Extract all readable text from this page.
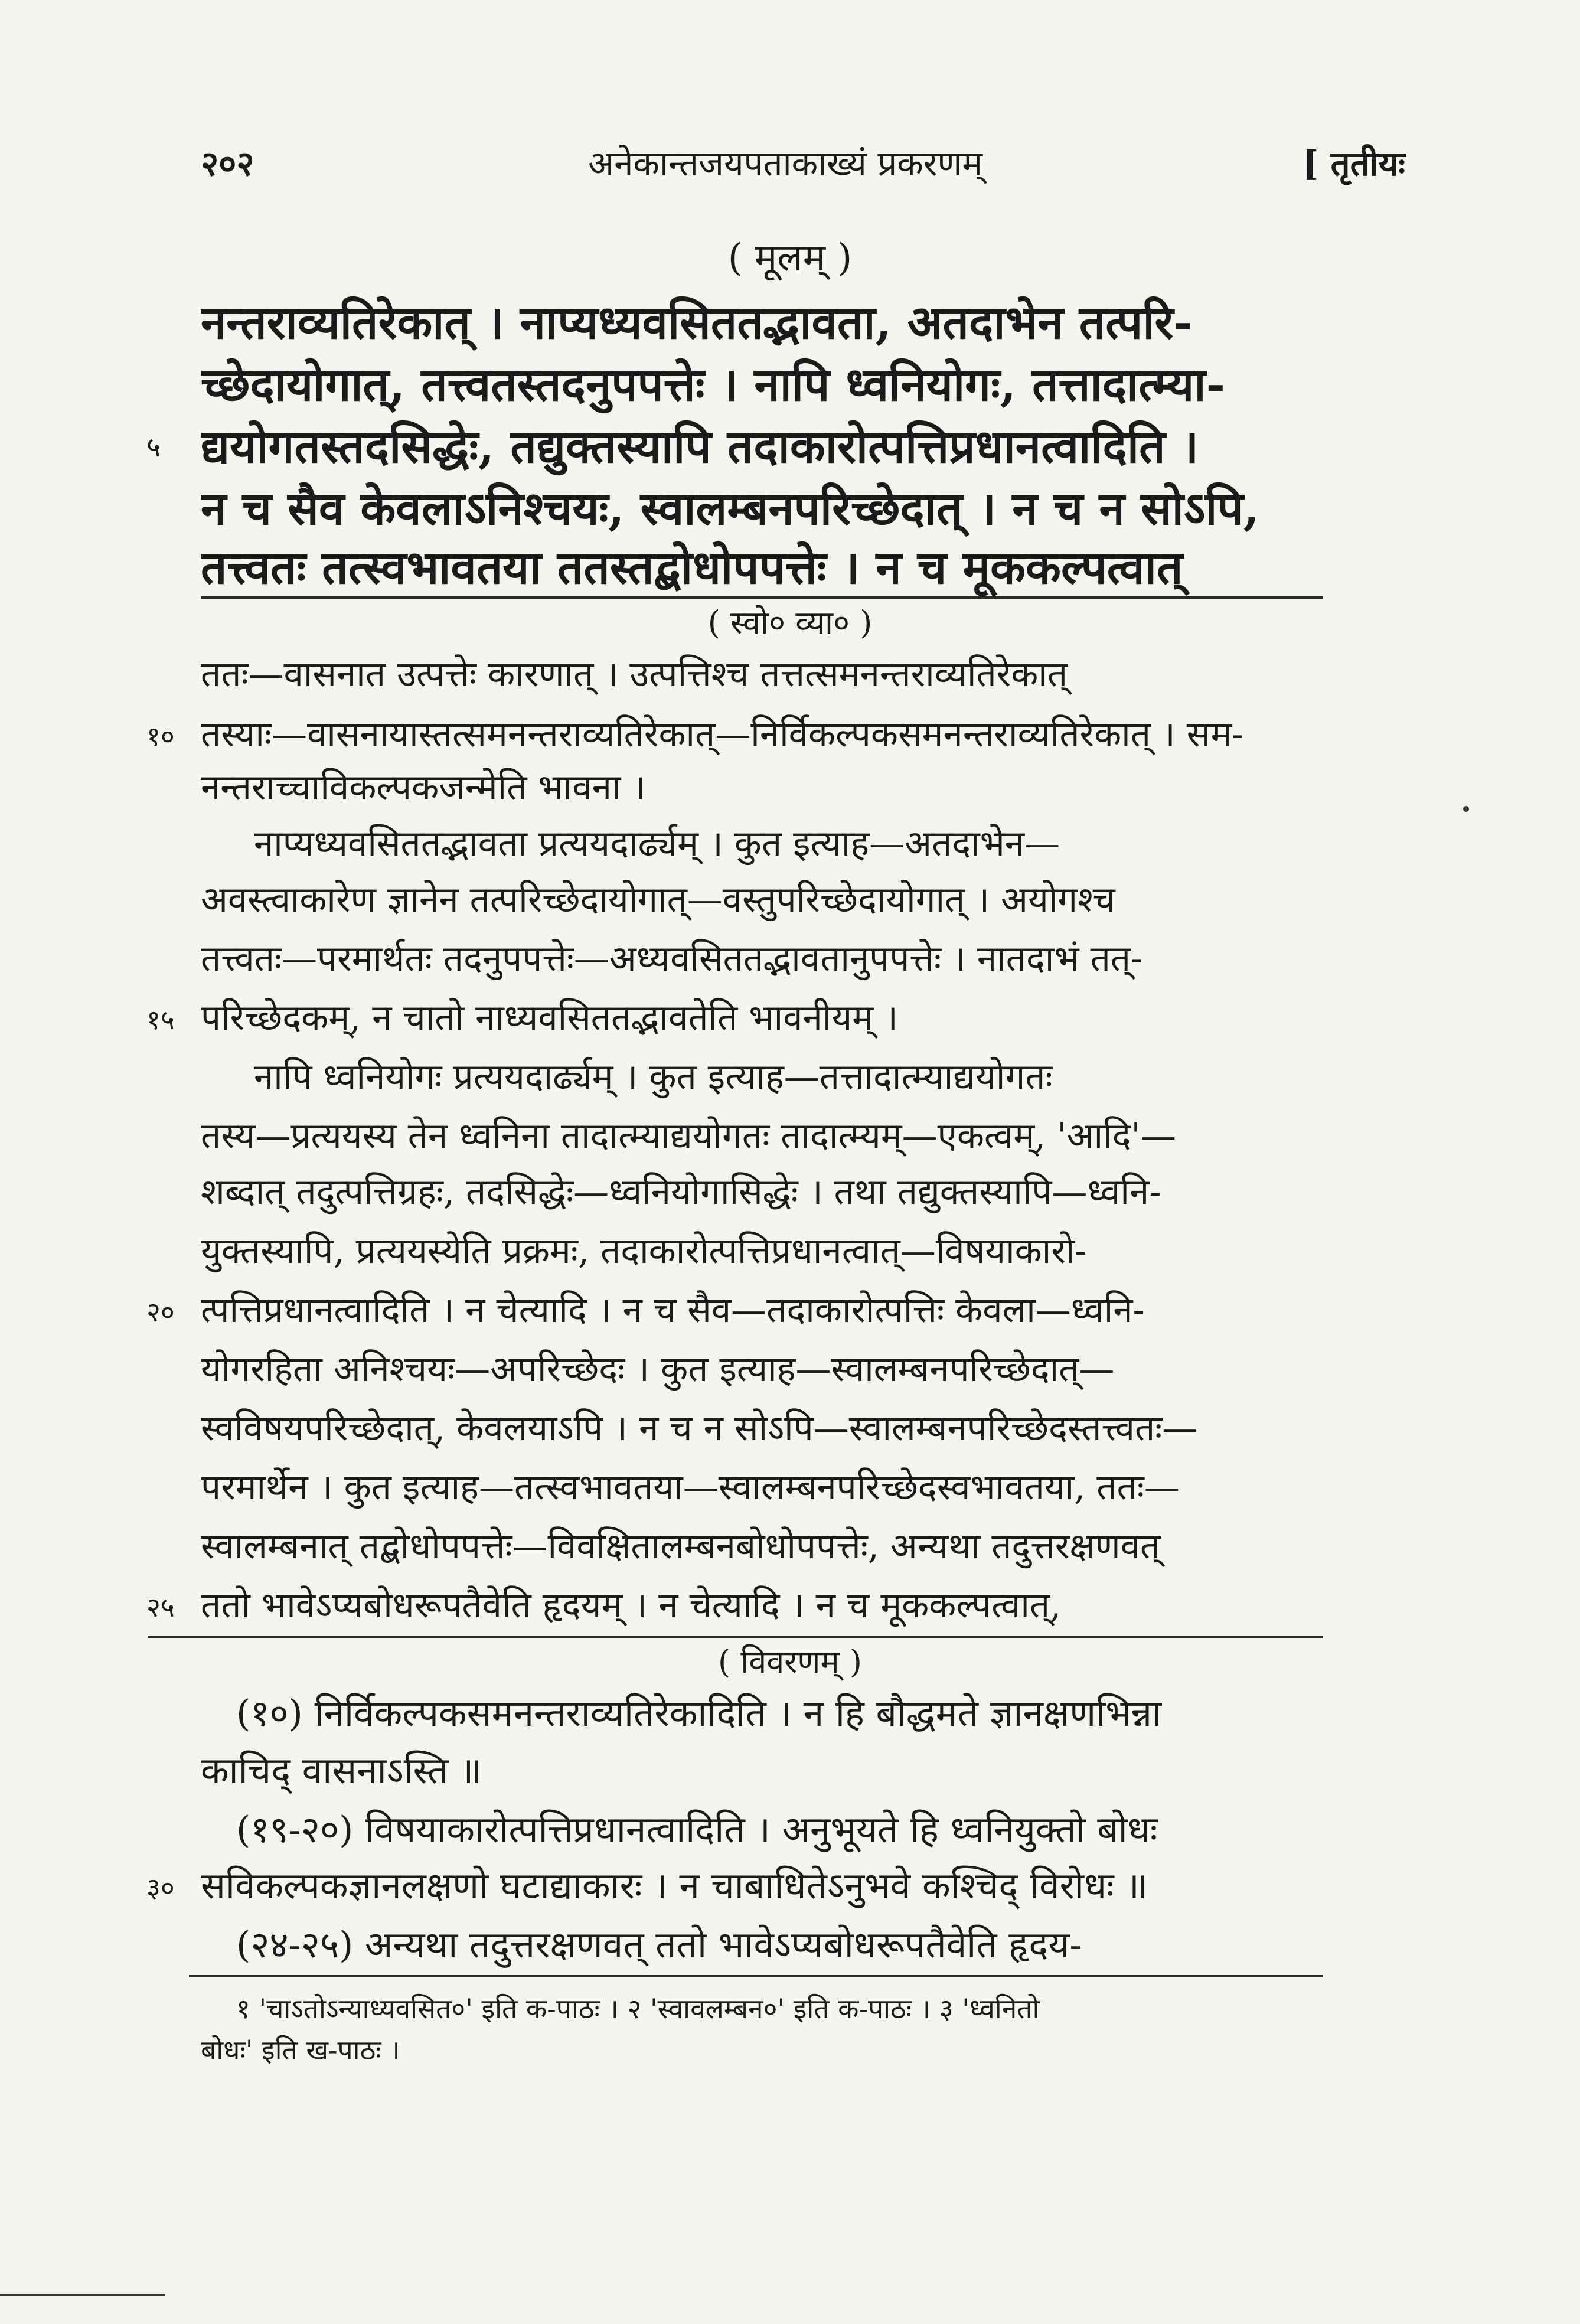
२०२	अनेकान्तजयपताकाख्यं प्रकरणम्	[ तृतीयः
( मूलम् )
नन्तराव्यतिरेकात् । नाप्यध्यवसिततद्भावता, अतदाभेन तत्परि-
च्छेदायोगात्, तत्त्वतस्तदनुपपत्तेः । नापि ध्वनियोगः, तत्तादात्म्या-
द्ययोगतस्तदसिद्धेः, तद्युक्तस्यापि तदाकारोत्पत्तिप्रधानत्वादिति ।
५
न च सैव केवलाऽनिश्चयः, स्वालम्बनपरिच्छेदात् । न च न सोऽपि,
तत्त्वतः तत्स्वभावतया ततस्तद्बोधोपपत्तेः । न च मूककल्पत्वात्
( स्वो० व्या० )
ततः—वासनात उत्पत्तेः कारणात् । उत्पत्तिश्च तत्तत्समनन्तराव्यतिरेकात्
१० तस्याः—वासनायास्तत्समनन्तराव्यतिरेकात्—निर्विकल्पकसमनन्तराव्यतिरेकात् । सम-
नन्तराच्चाविकल्पकजन्मेति भावना ।
नाप्यध्यवसिततद्भावता प्रत्ययदार्ढ्यम् । कुत इत्याह—अतदाभेन—
अवस्त्वाकारेण ज्ञानेन तत्परिच्छेदायोगात्—वस्तुपरिच्छेदायोगात् । अयोगश्च
तत्त्वतः—परमार्थतः तदनुपपत्तेः—अध्यवसिततद्भावतानुपपत्तेः । नातदाभं तत्-
१५ परिच्छेदकम्, न चातो नाध्यवसिततद्भावतेति भावनीयम् ।
नापि ध्वनियोगः प्रत्ययदार्ढ्यम् । कुत इत्याह—तत्तादात्म्याद्ययोगतः
तस्य—प्रत्ययस्य तेन ध्वनिना तादात्म्याद्ययोगतः तादात्म्यम्—एकत्वम्, 'आदि'—
शब्दात् तदुत्पत्तिग्रहः, तदसिद्धेः—ध्वनियोगासिद्धेः । तथा तद्युक्तस्यापि—ध्वनि-
युक्तस्यापि, प्रत्ययस्येति प्रक्रमः, तदाकारोत्पत्तिप्रधानत्वात्—विषयाकारो-
२० त्पत्तिप्रधानत्वादिति । न चेत्यादि । न च सैव—तदाकारोत्पत्तिः केवला—ध्वनि-
योगरहिता अनिश्चयः—अपरिच्छेदः । कुत इत्याह—स्वालम्बनपरिच्छेदात्—
स्वविषयपरिच्छेदात्, केवलयाऽपि । न च न सोऽपि—स्वालम्बनपरिच्छेदस्तत्त्वतः—
परमार्थेन । कुत इत्याह—तत्स्वभावतया—स्वालम्बनपरिच्छेदस्वभावतया, ततः—
स्वालम्बनात् तद्बोधोपपत्तेः—विवक्षितालम्बनबोधोपपत्तेः, अन्यथा तदुत्तरक्षणवत्
२५ ततो भावेऽप्यबोधरूपतैवेति हृदयम् । न चेत्यादि । न च मूककल्पत्वात्,
( विवरणम् )
(१०) निर्विकल्पकसमनन्तराव्यतिरेकादिति । न हि बौद्धमते ज्ञानक्षणभिन्ना
काचिद् वासनाऽस्ति ॥
(१९-२०) विषयाकारोत्पत्तिप्रधानत्वादिति । अनुभूयते हि ध्वनियुक्तो बोधः
३० सविकल्पकज्ञानलक्षणो घटाद्याकारः । न चाबाधितेऽनुभवे कश्चिद् विरोधः ॥
(२४-२५) अन्यथा तदुत्तरक्षणवत् ततो भावेऽप्यबोधरूपतैवेति हृदय-
१ 'चाऽतोऽन्याध्यवसित०' इति क-पाठः । २ 'स्वावलम्बन०' इति क-पाठः । ३ 'ध्वनितो
बोधः' इति ख-पाठः ।
